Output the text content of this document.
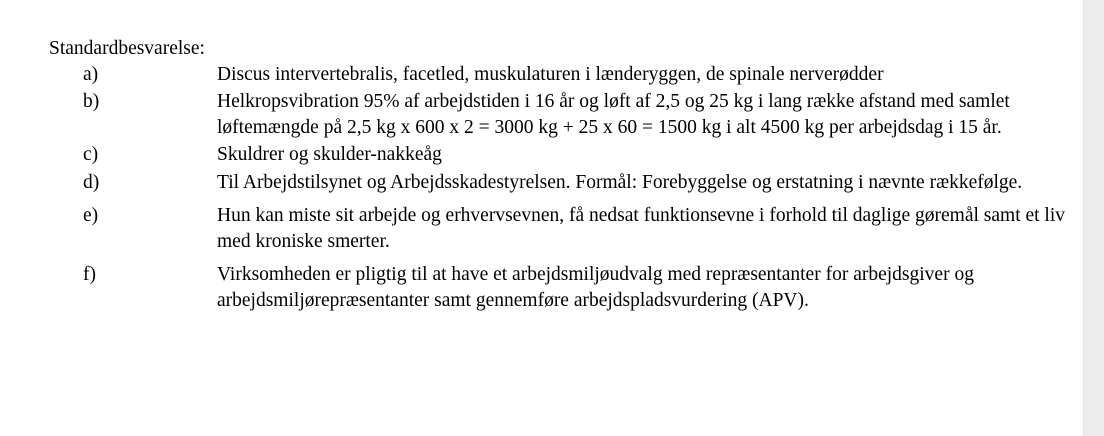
Standardbesvarelse:

a)	Discus intervertebralis, facetled, muskulaturen i lænderyggen, de spinale nerverødder
b)	Helkropsvibration 95% af arbejdstiden i 16 år og løft af 2,5 og 25 kg i lang række afstand med samlet løftemængde på 2,5 kg x 600 x 2 = 3000 kg + 25 x 60 = 1500 kg i alt 4500 kg per arbejdsdag i 15 år.
c)	Skuldrer og skulder-nakkeåg
d)	Til Arbejdstilsynet og Arbejdsskadestyrelsen. Formål: Forebyggelse og erstatning i nævnte rækkefølge.
e)	Hun kan miste sit arbejde og erhvervsevnen, få nedsat funktionsevne i forhold til daglige gøremål samt et liv med kroniske smerter.
f)	Virksomheden er pligtig til at have et arbejdsmiljøudvalg med repræsentanter for arbejdsgiver og arbejdsmiljørepræsentanter samt gennemføre arbejdspladsvurdering (APV).
